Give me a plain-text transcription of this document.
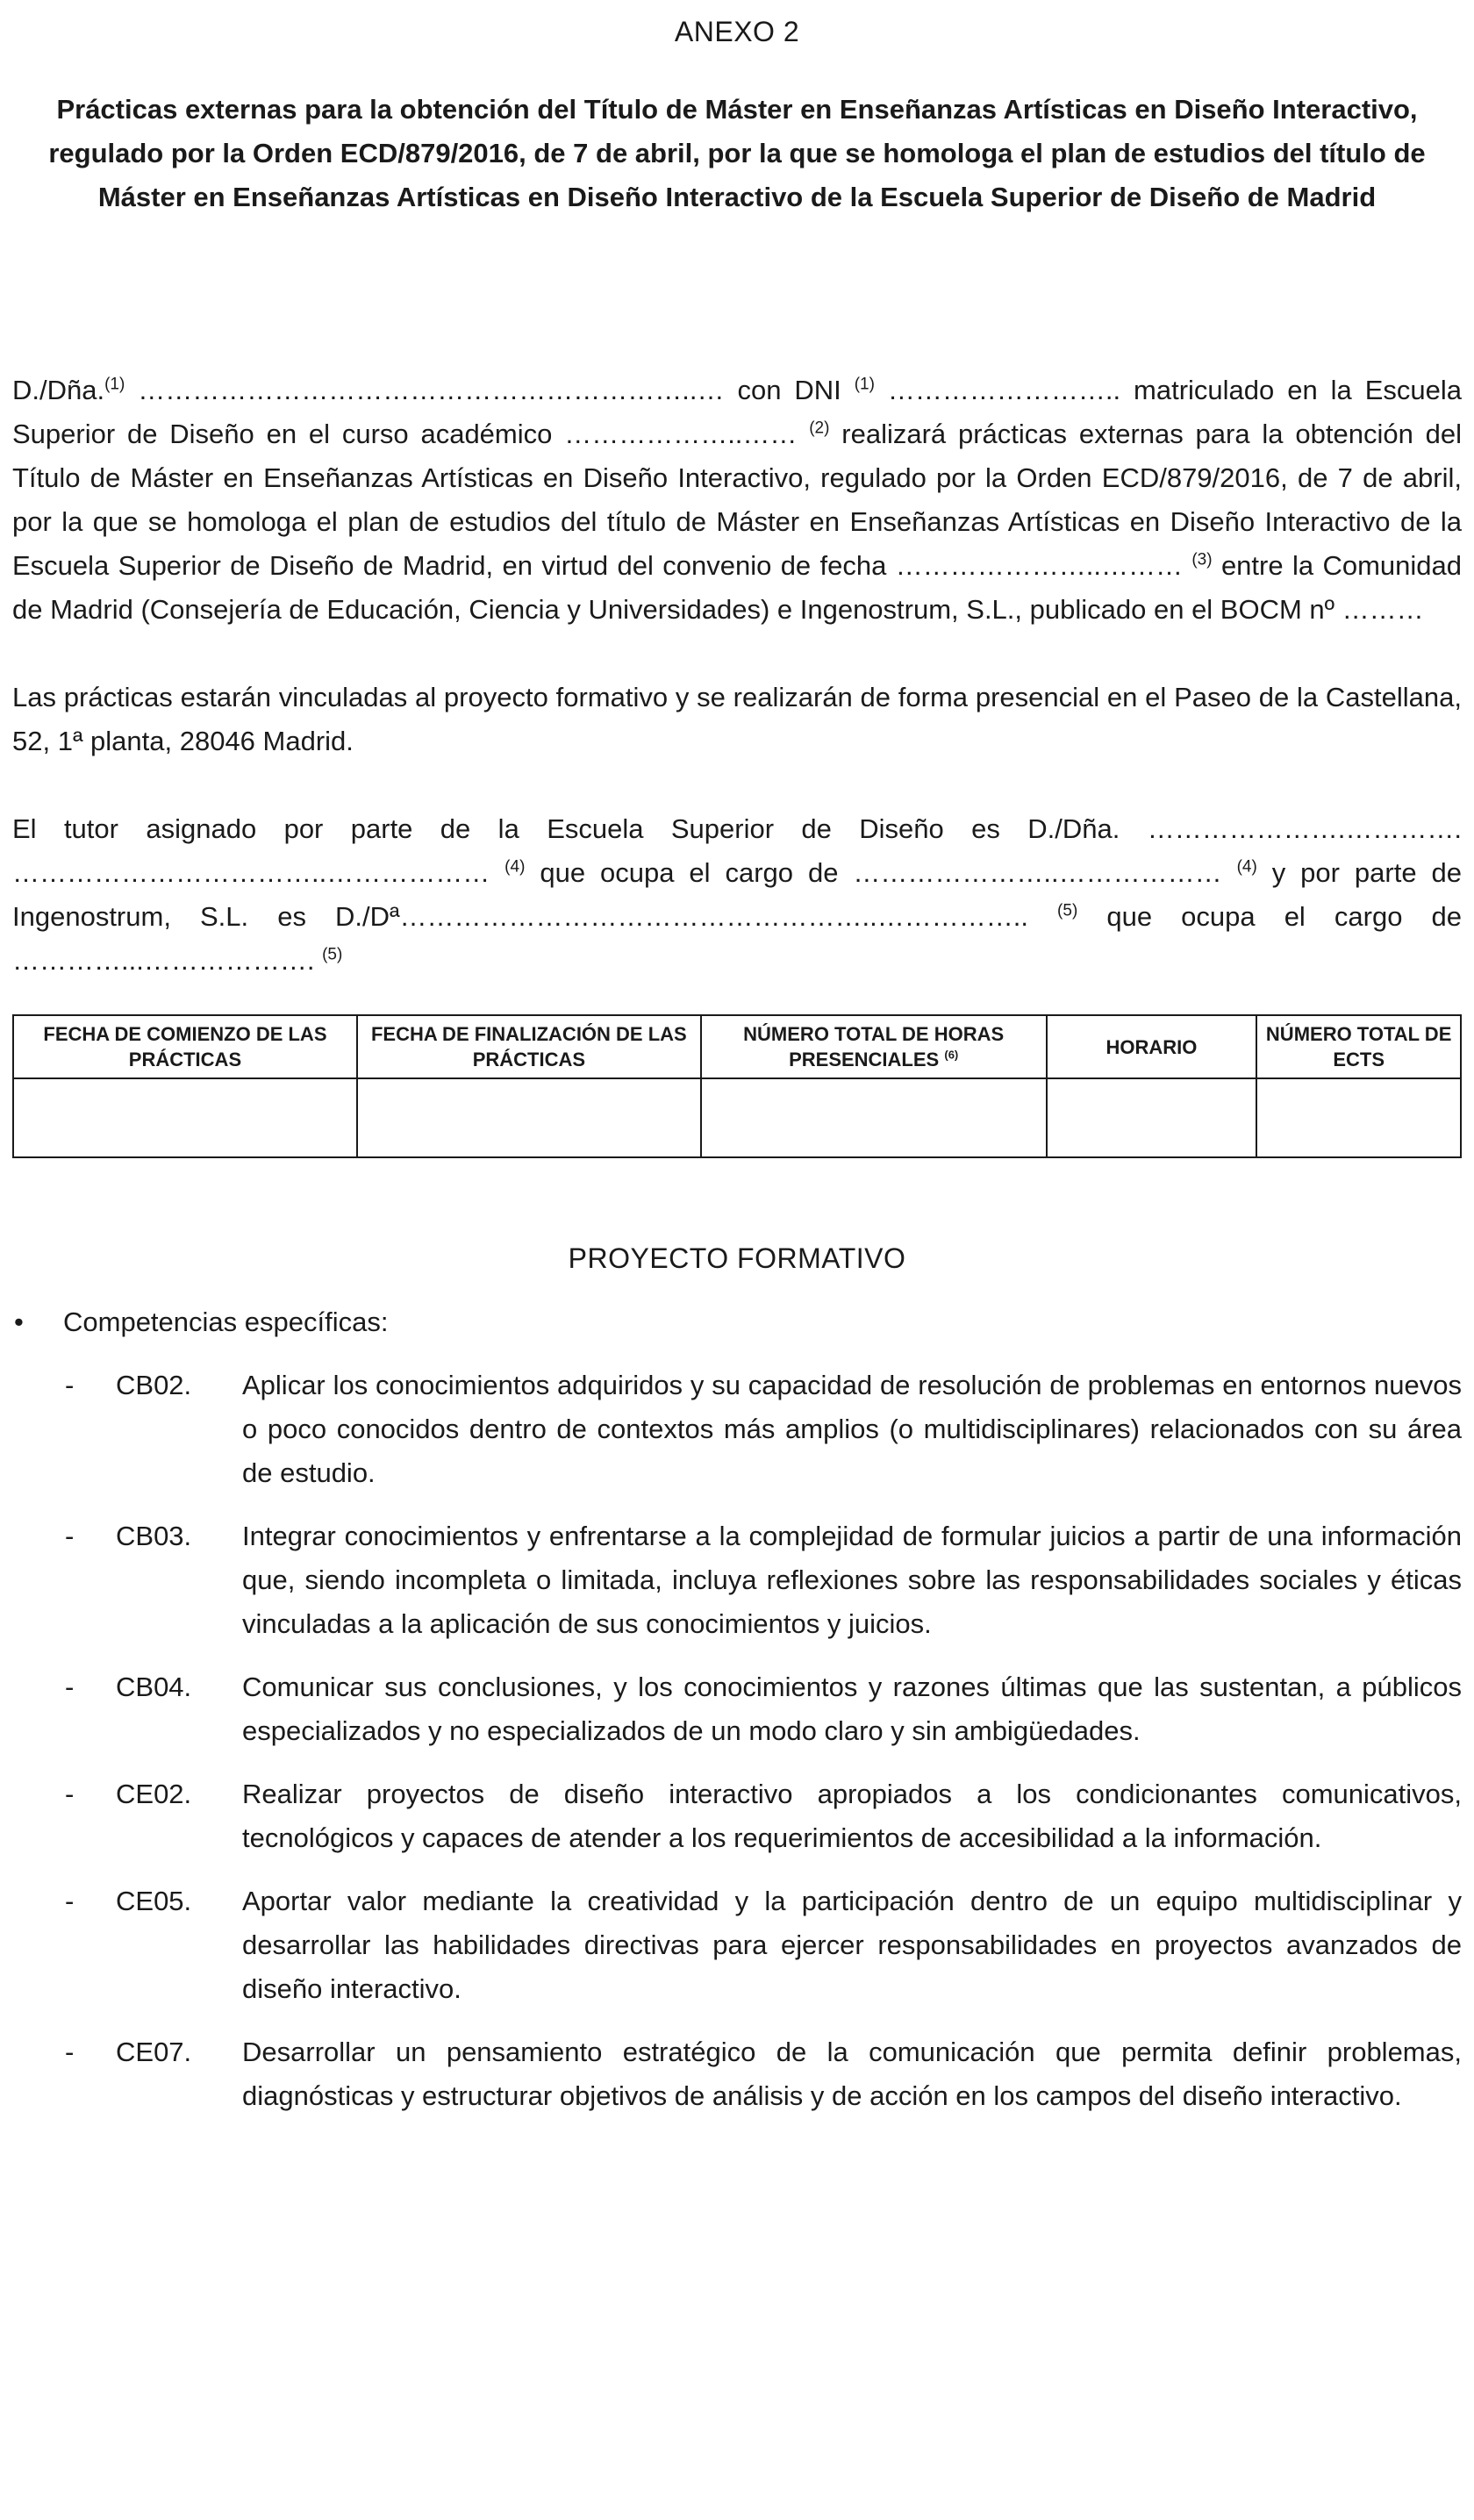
ANEXO 2
Prácticas externas para la obtención del Título de Máster en Enseñanzas Artísticas en Diseño Interactivo, regulado por la Orden ECD/879/2016, de 7 de abril, por la que se homologa el plan de estudios del título de Máster en Enseñanzas Artísticas en Diseño Interactivo de la Escuela Superior de Diseño de Madrid

D./Dña.$^{(1)}$ ……………………………………………………..… con DNI $^{(1)}$ …………………….. matriculado en la Escuela Superior de Diseño en el curso académico ………………..…… $^{(2)}$ realizará prácticas externas para la obtención del Título de Máster en Enseñanzas Artísticas en Diseño Interactivo, regulado por la Orden ECD/879/2016, de 7 de abril, por la que se homologa el plan de estudios del título de Máster en Enseñanzas Artísticas en Diseño Interactivo de la Escuela Superior de Diseño de Madrid, en virtud del convenio de fecha …………………..……… $^{(3)}$ entre la Comunidad de Madrid (Consejería de Educación, Ciencia y Universidades) e Ingenostrum, S.L., publicado en el BOCM nº ………

Las prácticas estarán vinculadas al proyecto formativo y se realizarán de forma presencial en el Paseo de la Castellana, 52, 1ª planta, 28046 Madrid.

El tutor asignado por parte de la Escuela Superior de Diseño es D./Dña. ………………….…………. ……………………………..……………… $^{(4)}$ que ocupa el cargo de …………………..……………… $^{(4)}$ y por parte de Ingenostrum, S.L. es D./Dª……………………………………………..…………….. $^{(5)}$ que ocupa el cargo de …………...………………. $^{(5)}$

FECHA DE COMIENZO DE LAS PRÁCTICAS	FECHA DE FINALIZACIÓN DE LAS PRÁCTICAS	NÚMERO TOTAL DE HORAS PRESENCIALES $^{(6)}$	HORARIO	NÚMERO TOTAL DE ECTS

PROYECTO FORMATIVO
• Competencias específicas:
- CB02. Aplicar los conocimientos adquiridos y su capacidad de resolución de problemas en entornos nuevos o poco conocidos dentro de contextos más amplios (o multidisciplinares) relacionados con su área de estudio.
- CB03. Integrar conocimientos y enfrentarse a la complejidad de formular juicios a partir de una información que, siendo incompleta o limitada, incluya reflexiones sobre las responsabilidades sociales y éticas vinculadas a la aplicación de sus conocimientos y juicios.
- CB04. Comunicar sus conclusiones, y los conocimientos y razones últimas que las sustentan, a públicos especializados y no especializados de un modo claro y sin ambigüedades.
- CE02. Realizar proyectos de diseño interactivo apropiados a los condicionantes comunicativos, tecnológicos y capaces de atender a los requerimientos de accesibilidad a la información.
- CE05. Aportar valor mediante la creatividad y la participación dentro de un equipo multidisciplinar y desarrollar las habilidades directivas para ejercer responsabilidades en proyectos avanzados de diseño interactivo.
- CE07. Desarrollar un pensamiento estratégico de la comunicación que permita definir problemas, diagnósticas y estructurar objetivos de análisis y de acción en los campos del diseño interactivo.
